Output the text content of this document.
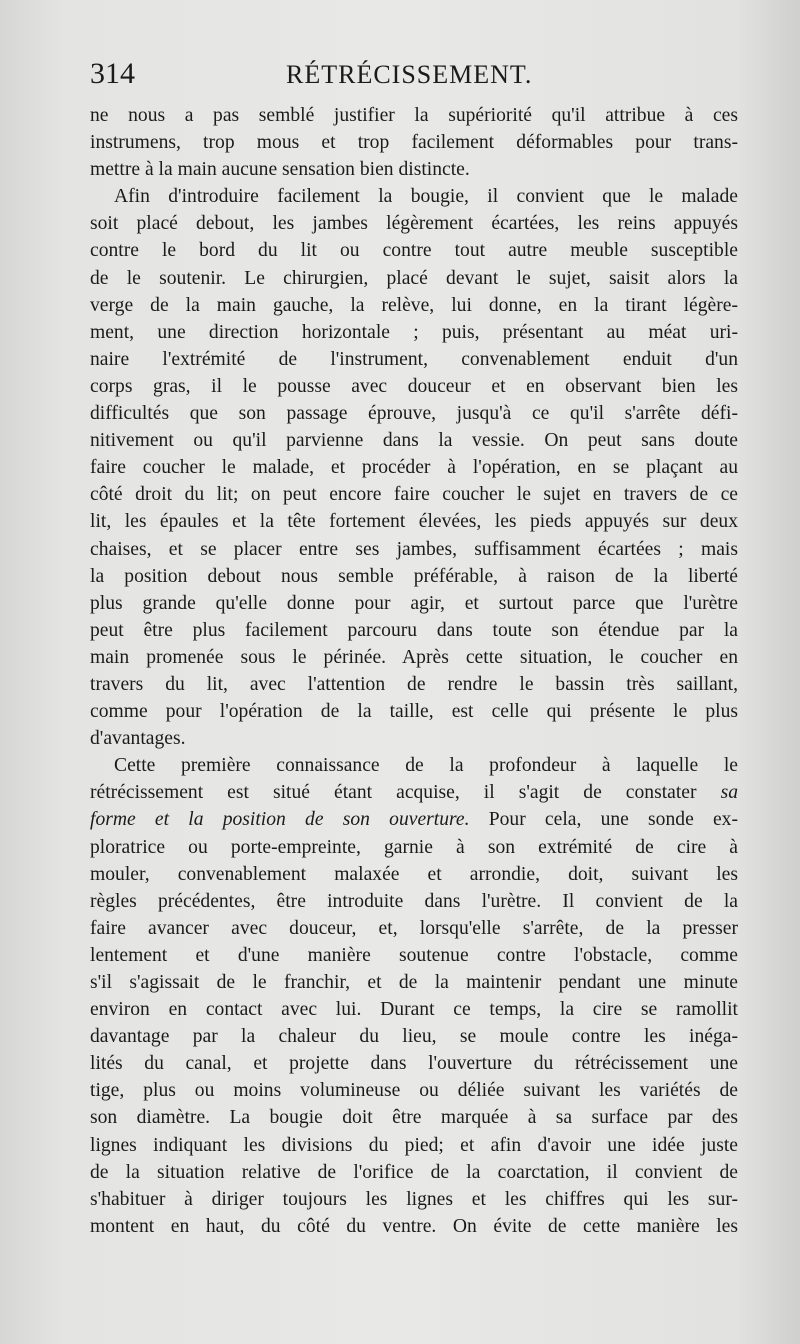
314	RÉTRÉCISSEMENT.
ne nous a pas semblé justifier la supériorité qu'il attribue à ces
instrumens, trop mous et trop facilement déformables pour trans-
mettre à la main aucune sensation bien distincte.
Afin d'introduire facilement la bougie, il convient que le malade
soit placé debout, les jambes légèrement écartées, les reins appuyés
contre le bord du lit ou contre tout autre meuble susceptible
de le soutenir. Le chirurgien, placé devant le sujet, saisit alors la
verge de la main gauche, la relève, lui donne, en la tirant légère-
ment, une direction horizontale ; puis, présentant au méat uri-
naire l'extrémité de l'instrument, convenablement enduit d'un
corps gras, il le pousse avec douceur et en observant bien les
difficultés que son passage éprouve, jusqu'à ce qu'il s'arrête défi-
nitivement ou qu'il parvienne dans la vessie. On peut sans doute
faire coucher le malade, et procéder à l'opération, en se plaçant au
côté droit du lit; on peut encore faire coucher le sujet en travers de ce
lit, les épaules et la tête fortement élevées, les pieds appuyés sur deux
chaises, et se placer entre ses jambes, suffisamment écartées ; mais
la position debout nous semble préférable, à raison de la liberté
plus grande qu'elle donne pour agir, et surtout parce que l'urètre
peut être plus facilement parcouru dans toute son étendue par la
main promenée sous le périnée. Après cette situation, le coucher en
travers du lit, avec l'attention de rendre le bassin très saillant,
comme pour l'opération de la taille, est celle qui présente le plus
d'avantages.
Cette première connaissance de la profondeur à laquelle le
rétrécissement est situé étant acquise, il s'agit de constater sa
forme et la position de son ouverture. Pour cela, une sonde ex-
ploratrice ou porte-empreinte, garnie à son extrémité de cire à
mouler, convenablement malaxée et arrondie, doit, suivant les
règles précédentes, être introduite dans l'urètre. Il convient de la
faire avancer avec douceur, et, lorsqu'elle s'arrête, de la presser
lentement et d'une manière soutenue contre l'obstacle, comme
s'il s'agissait de le franchir, et de la maintenir pendant une minute
environ en contact avec lui. Durant ce temps, la cire se ramollit
davantage par la chaleur du lieu, se moule contre les inéga-
lités du canal, et projette dans l'ouverture du rétrécissement une
tige, plus ou moins volumineuse ou déliée suivant les variétés de
son diamètre. La bougie doit être marquée à sa surface par des
lignes indiquant les divisions du pied; et afin d'avoir une idée juste
de la situation relative de l'orifice de la coarctation, il convient de
s'habituer à diriger toujours les lignes et les chiffres qui les sur-
montent en haut, du côté du ventre. On évite de cette manière les
